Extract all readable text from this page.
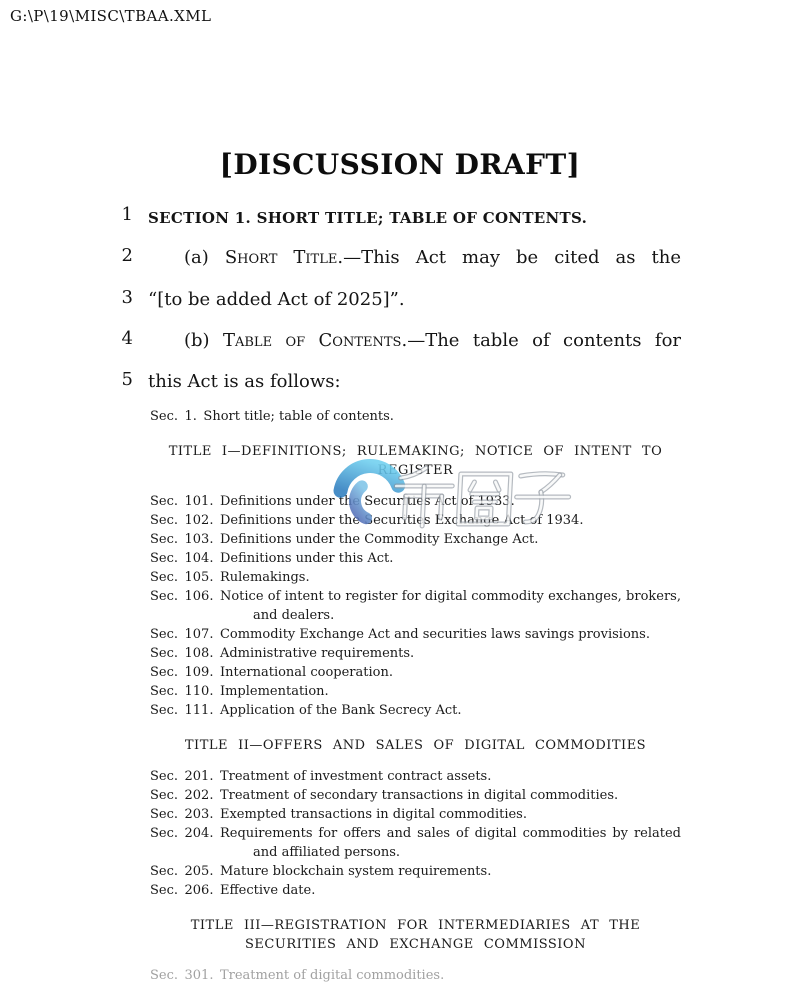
G:\P\19\MISC\TBAA.XML
[DISCUSSION DRAFT]
1 SECTION 1. SHORT TITLE; TABLE OF CONTENTS.
2	(a) Short Title.—This Act may be cited as the
3 “[to be added Act of 2025]”.
4	(b) Table of Contents.—The table of contents for
5 this Act is as follows:
Sec. 1. Short title; table of contents.
TITLE I—DEFINITIONS; RULEMAKING; NOTICE OF INTENT TO
REGISTER
Sec. 101. Definitions under the Securities Act of 1933.
Sec. 102. Definitions under the Securities Exchange Act of 1934.
Sec. 103. Definitions under the Commodity Exchange Act.
Sec. 104. Definitions under this Act.
Sec. 105. Rulemakings.
Sec. 106. Notice of intent to register for digital commodity exchanges, brokers,
and dealers.
Sec. 107. Commodity Exchange Act and securities laws savings provisions.
Sec. 108. Administrative requirements.
Sec. 109. International cooperation.
Sec. 110. Implementation.
Sec. 111. Application of the Bank Secrecy Act.
TITLE II—OFFERS AND SALES OF DIGITAL COMMODITIES
Sec. 201. Treatment of investment contract assets.
Sec. 202. Treatment of secondary transactions in digital commodities.
Sec. 203. Exempted transactions in digital commodities.
Sec. 204. Requirements for offers and sales of digital commodities by related
and affiliated persons.
Sec. 205. Mature blockchain system requirements.
Sec. 206. Effective date.
TITLE III—REGISTRATION FOR INTERMEDIARIES AT THE
SECURITIES AND EXCHANGE COMMISSION
Sec. 301. Treatment of digital commodities.
